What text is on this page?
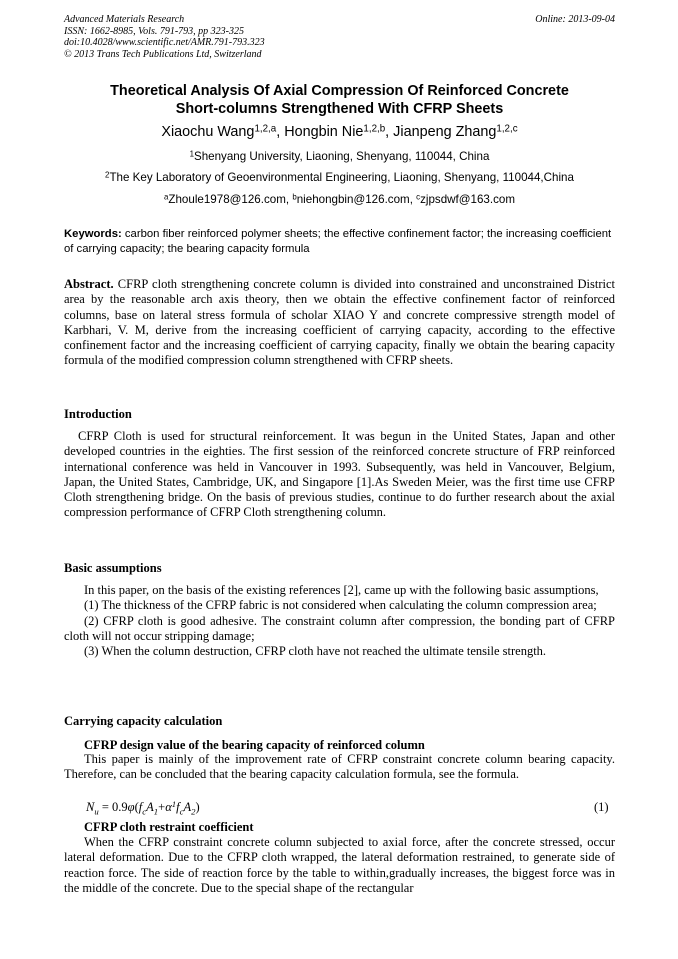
Advanced Materials Research
ISSN: 1662-8985, Vols. 791-793, pp 323-325
doi:10.4028/www.scientific.net/AMR.791-793.323
© 2013 Trans Tech Publications Ltd, Switzerland
Online: 2013-09-04
Theoretical Analysis Of Axial Compression Of Reinforced Concrete
Short-columns Strengthened With CFRP Sheets
Xiaochu Wang$^{1,2,a}$, Hongbin Nie$^{1,2,b}$, Jianpeng Zhang$^{1,2,c}$
$^1$Shenyang University, Liaoning, Shenyang, 110044, China
$^2$The Key Laboratory of Geoenvironmental Engineering, Liaoning, Shenyang, 110044,China
$^a$Zhoule1978@126.com, $^b$niehongbin@126.com, $^c$zjpsdwf@163.com
Keywords: carbon fiber reinforced polymer sheets; the effective confinement factor; the increasing coefficient of carrying capacity; the bearing capacity formula
Abstract. CFRP cloth strengthening concrete column is divided into constrained and unconstrained District area by the reasonable arch axis theory, then we obtain the effective confinement factor of reinforced columns, base on lateral stress formula of scholar XIAO Y and concrete compressive strength model of Karbhari, V. M, derive from the increasing coefficient of carrying capacity, according to the effective confinement factor and the increasing coefficient of carrying capacity, finally we obtain the bearing capacity formula of the modified compression column strengthened with CFRP sheets.
Introduction
CFRP Cloth is used for structural reinforcement. It was begun in the United States, Japan and other developed countries in the eighties. The first session of the reinforced concrete structure of FRP reinforced international conference was held in Vancouver in 1993. Subsequently, was held in Vancouver, Belgium, Japan, the United States, Cambridge, UK, and Singapore [1].As Sweden Meier, was the first time use CFRP Cloth strengthening bridge. On the basis of previous studies, continue to do further research about the axial compression performance of CFRP Cloth strengthening column.
Basic assumptions
In this paper, on the basis of the existing references [2], came up with the following basic assumptions,
(1) The thickness of the CFRP fabric is not considered when calculating the column compression area;
(2) CFRP cloth is good adhesive. The constraint column after compression, the bonding part of CFRP cloth will not occur stripping damage;
(3) When the column destruction, CFRP cloth have not reached the ultimate tensile strength.
Carrying capacity calculation
CFRP design value of the bearing capacity of reinforced column
This paper is mainly of the improvement rate of CFRP constraint concrete column bearing capacity. Therefore, can be concluded that the bearing capacity calculation formula, see the formula.
$N_u = 0.9\varphi(f_cA_1+\alpha^1f_cA_2)$	(1)
CFRP cloth restraint coefficient
When the CFRP constraint concrete column subjected to axial force, after the concrete stressed, occur lateral deformation. Due to the CFRP cloth wrapped, the lateral deformation restrained, to generate side of reaction force. The side of reaction force by the table to within,gradually increases, the biggest force was in the middle of the concrete. Due to the special shape of the rectangular
